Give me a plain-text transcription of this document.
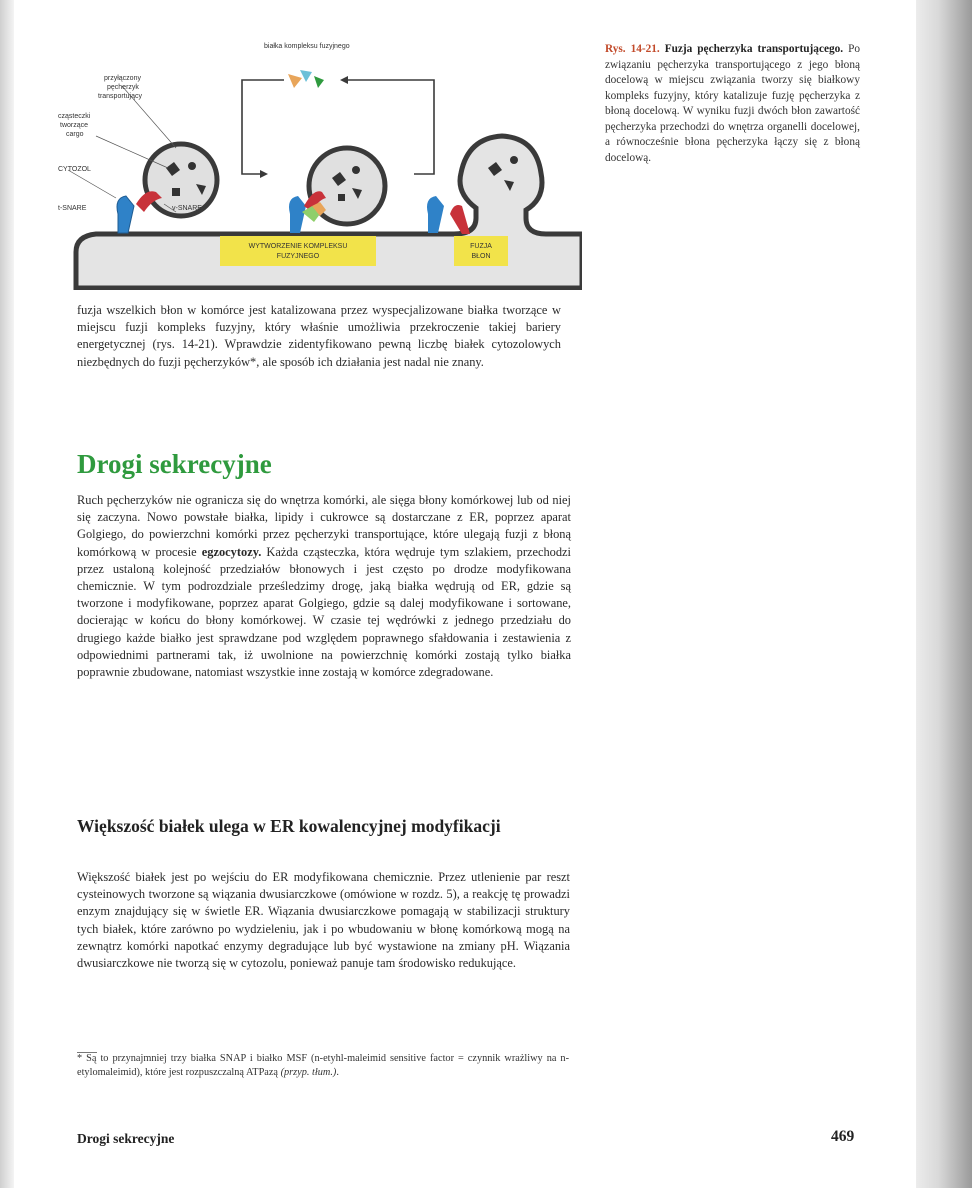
białka kompleksu fuzyjnego
przyłączony
pęcherzyk
transportujący
cząsteczki
tworzące
cargo
CYTOZOL
t-SNARE	v-SNARE
WYTWORZENIE KOMPLEKSU
FUZYJNEGO
FUZJA
BŁON
Rys. 14-21. Fuzja pęcherzyka transportującego. Po związaniu pęcherzyka transportującego z jego błoną docelową w miejscu związania tworzy się białkowy kompleks fuzyjny, który katalizuje fuzję pęcherzyka z błoną docelową. W wyniku fuzji dwóch błon zawartość pęcherzyka przechodzi do wnętrza organelli docelowej, a równocześnie błona pęcherzyka łączy się z błoną docelową.

fuzja wszelkich błon w komórce jest katalizowana przez wyspecjalizowane białka tworzące w miejscu fuzji kompleks fuzyjny, który właśnie umożliwia przekroczenie takiej bariery energetycznej (rys. 14-21). Wprawdzie zidentyfikowano pewną liczbę białek cytozolowych niezbędnych do fuzji pęcherzyków*, ale sposób ich działania jest nadal nie znany.

Drogi sekrecyjne

Ruch pęcherzyków nie ogranicza się do wnętrza komórki, ale sięga błony komórkowej lub od niej się zaczyna. Nowo powstałe białka, lipidy i cukrowce są dostarczane z ER, poprzez aparat Golgiego, do powierzchni komórki przez pęcherzyki transportujące, które ulegają fuzji z błoną komórkową w procesie egzocytozy. Każda cząsteczka, która wędruje tym szlakiem, przechodzi przez ustaloną kolejność przedziałów błonowych i jest często po drodze modyfikowana chemicznie. W tym podrozdziale prześledzimy drogę, jaką białka wędrują od ER, gdzie są tworzone i modyfikowane, poprzez aparat Golgiego, gdzie są dalej modyfikowane i sortowane, docierając w końcu do błony komórkowej. W czasie tej wędrówki z jednego przedziału do drugiego każde białko jest sprawdzane pod względem poprawnego sfałdowania i zestawienia z odpowiednimi partnerami tak, iż uwolnione na powierzchnię komórki zostają tylko białka poprawnie zbudowane, natomiast wszystkie inne zostają w komórce zdegradowane.

Większość białek ulega w ER kowalencyjnej modyfikacji

Większość białek jest po wejściu do ER modyfikowana chemicznie. Przez utlenienie par reszt cysteinowych tworzone są wiązania dwusiarczkowe (omówione w rozdz. 5), a reakcję tę prowadzi enzym znajdujący się w świetle ER. Wiązania dwusiarczkowe pomagają w stabilizacji struktury tych białek, które zarówno po wydzieleniu, jak i po wbudowaniu w błonę komórkową mogą na zewnątrz komórki napotkać enzymy degradujące lub być wystawione na zmiany pH. Wiązania dwusiarczkowe nie tworzą się w cytozolu, ponieważ panuje tam środowisko redukujące.

* Są to przynajmniej trzy białka SNAP i białko MSF (n-etyhl-maleimid sensitive factor = czynnik wrażliwy na n-etylomaleimid), które jest rozpuszczalną ATPazą (przyp. tłum.).
Drogi sekrecyjne	469
